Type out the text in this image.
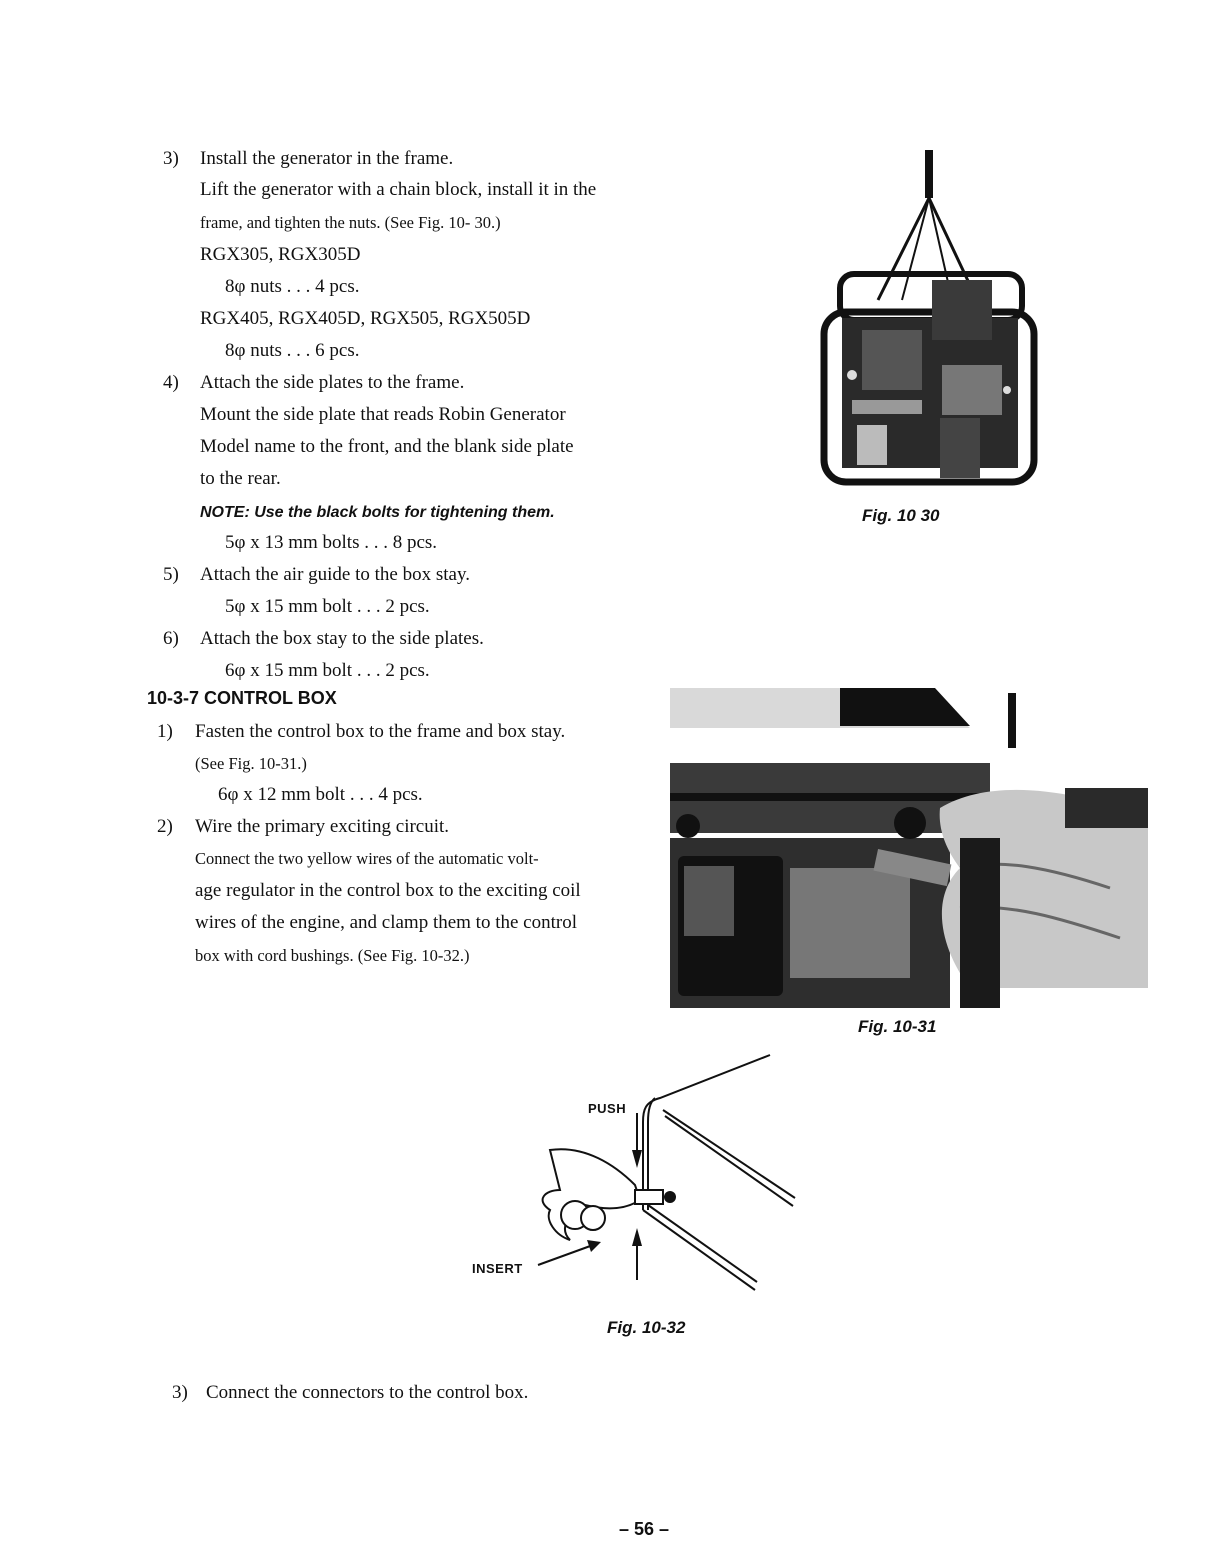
3) Install the generator in the frame.
Lift the generator with a chain block, install it in the
frame, and tighten the nuts. (See Fig. 10- 30.)
RGX305, RGX305D
8φ nuts . . . 4 pcs.
RGX405, RGX405D, RGX505, RGX505D
8φ nuts . . . 6 pcs.
4) Attach the side plates to the frame.
Mount the side plate that reads Robin Generator
Model name to the front, and the blank side plate
to the rear.
NOTE: Use the black bolts for tightening them.
5φ x 13 mm bolts . . . 8 pcs.
5) Attach the air guide to the box stay.
5φ x 15 mm bolt . . . 2 pcs.
6) Attach the box stay to the side plates.
6φ x 15 mm bolt . . . 2 pcs.
10-3-7 CONTROL BOX
1) Fasten the control box to the frame and box stay.
(See Fig. 10-31.)
6φ x 12 mm bolt . . . 4 pcs.
2) Wire the primary exciting circuit.
Connect the two yellow wires of the automatic volt-
age regulator in the control box to the exciting coil
wires of the engine, and clamp them to the control
box with cord bushings. (See Fig. 10-32.)
Fig. 10 30
Fig. 10-31
PUSH
INSERT
Fig. 10-32
3) Connect the connectors to the control box.
– 56 –
